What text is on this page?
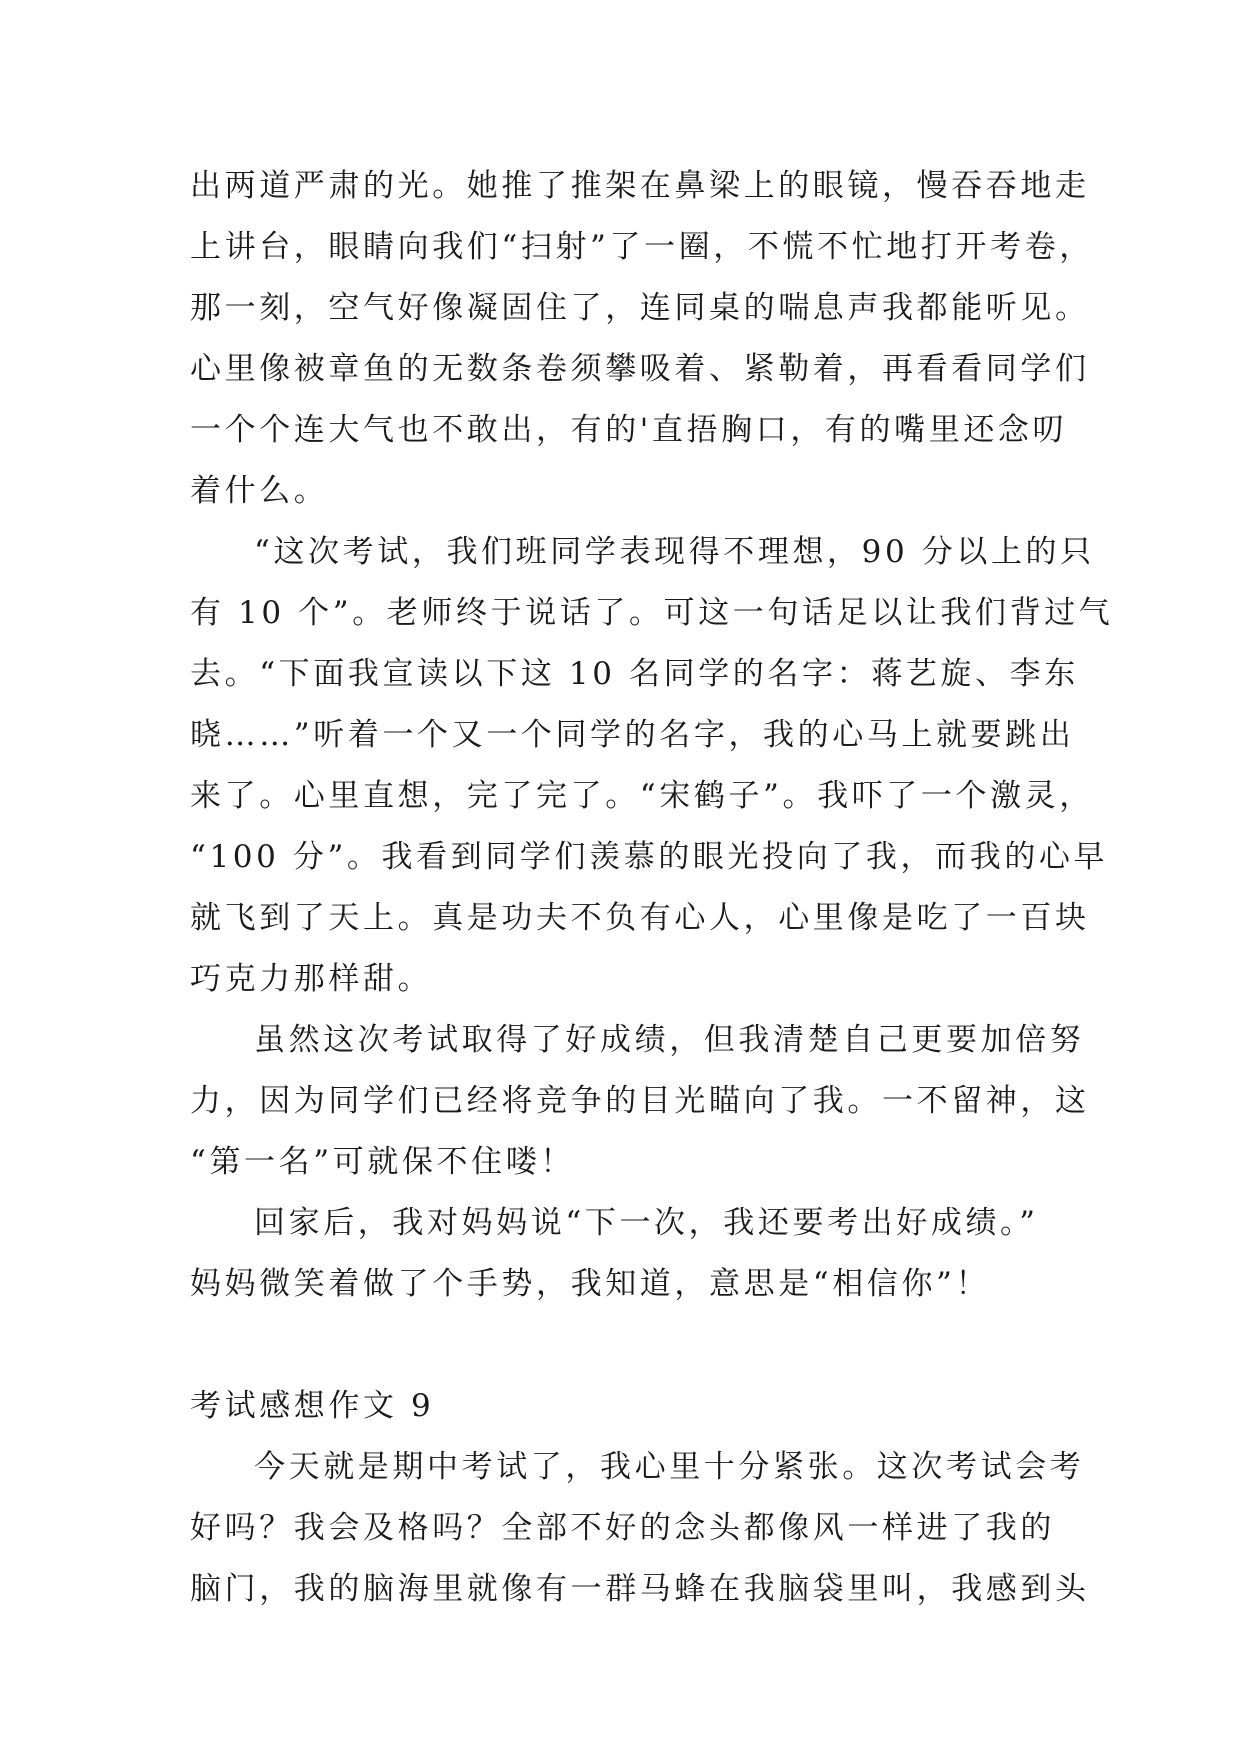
出两道严肃的光。她推了推架在鼻梁上的眼镜，慢吞吞地走
上讲台，眼睛向我们“扫射”了一圈，不慌不忙地打开考卷，
那一刻，空气好像凝固住了，连同桌的喘息声我都能听见。
心里像被章鱼的无数条卷须攀吸着、紧勒着，再看看同学们
一个个连大气也不敢出，有的'直捂胸口，有的嘴里还念叨
着什么。
“这次考试，我们班同学表现得不理想，90 分以上的只
有 10 个”。老师终于说话了。可这一句话足以让我们背过气
去。“下面我宣读以下这 10 名同学的名字：蒋艺旋、李东
晓……”听着一个又一个同学的名字，我的心马上就要跳出
来了。心里直想，完了完了。“宋鹤子”。我吓了一个激灵，
“100 分”。我看到同学们羡慕的眼光投向了我，而我的心早
就飞到了天上。真是功夫不负有心人，心里像是吃了一百块
巧克力那样甜。
虽然这次考试取得了好成绩，但我清楚自己更要加倍努
力，因为同学们已经将竞争的目光瞄向了我。一不留神，这
“第一名”可就保不住喽！
回家后，我对妈妈说“下一次，我还要考出好成绩。”
妈妈微笑着做了个手势，我知道，意思是“相信你”！
考试感想作文 9
今天就是期中考试了，我心里十分紧张。这次考试会考
好吗？我会及格吗？全部不好的念头都像风一样进了我的
脑门，我的脑海里就像有一群马蜂在我脑袋里叫，我感到头
